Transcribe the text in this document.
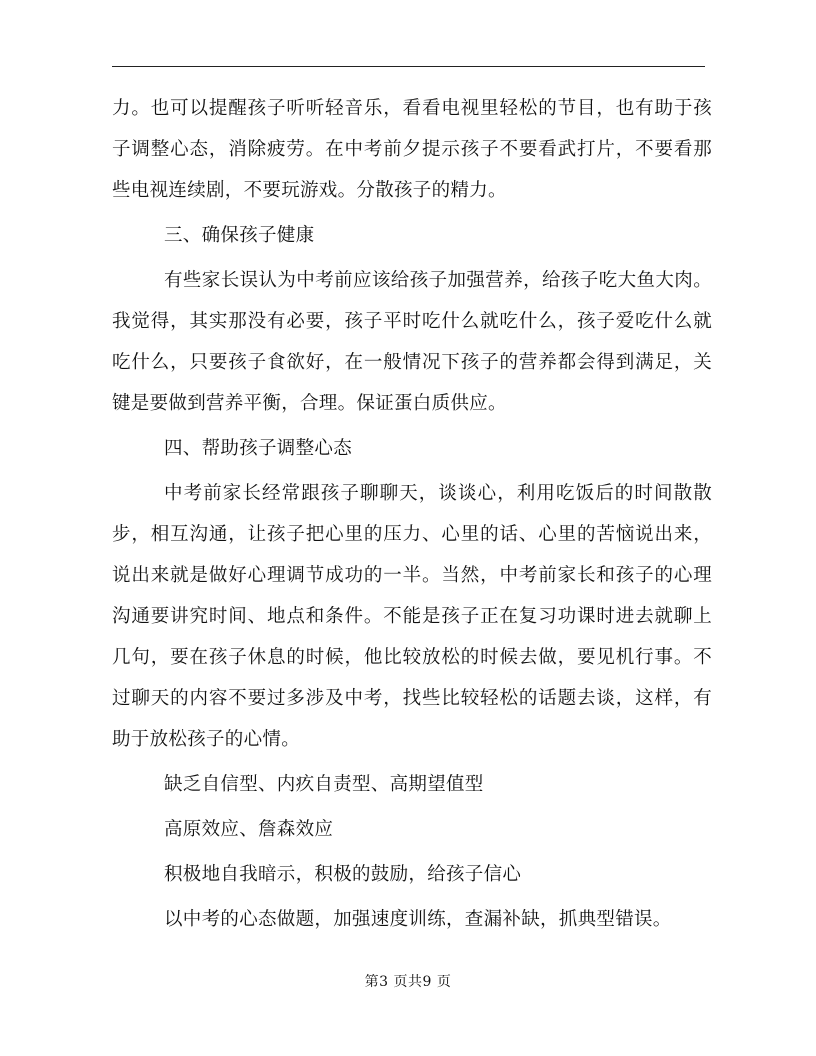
力。也可以提醒孩子听听轻音乐，看看电视里轻松的节目，也有助于孩子调整心态，消除疲劳。在中考前夕提示孩子不要看武打片，不要看那些电视连续剧，不要玩游戏。分散孩子的精力。

三、确保孩子健康

有些家长误认为中考前应该给孩子加强营养，给孩子吃大鱼大肉。我觉得，其实那没有必要，孩子平时吃什么就吃什么，孩子爱吃什么就吃什么，只要孩子食欲好，在一般情况下孩子的营养都会得到满足，关键是要做到营养平衡，合理。保证蛋白质供应。

四、帮助孩子调整心态

中考前家长经常跟孩子聊聊天，谈谈心，利用吃饭后的时间散散步，相互沟通，让孩子把心里的压力、心里的话、心里的苦恼说出来，说出来就是做好心理调节成功的一半。当然，中考前家长和孩子的心理沟通要讲究时间、地点和条件。不能是孩子正在复习功课时进去就聊上几句，要在孩子休息的时候，他比较放松的时候去做，要见机行事。不过聊天的内容不要过多涉及中考，找些比较轻松的话题去谈，这样，有助于放松孩子的心情。

缺乏自信型、内疚自责型、高期望值型

高原效应、詹森效应

积极地自我暗示，积极的鼓励，给孩子信心

以中考的心态做题，加强速度训练，查漏补缺，抓典型错误。

第3 页共9 页
